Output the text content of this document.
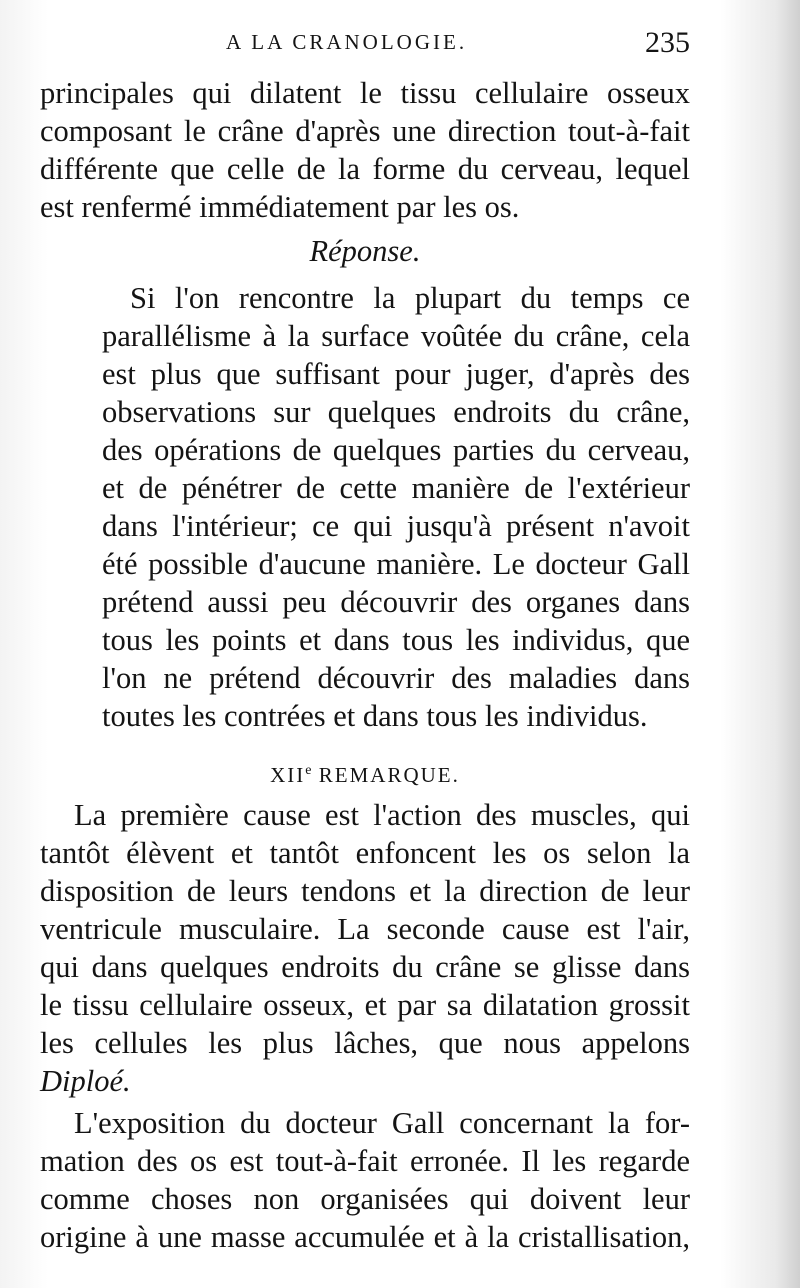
A LA CRANOLOGIE.	235
principales qui dilatent le tissu cellulaire osseux
composant le crâne d'après une direction tout-à-fait
différente que celle de la forme du cerveau, lequel
est renfermé immédiatement par les os.
Réponse.
Si l'on rencontre la plupart du temps ce
parallélisme à la surface voûtée du crâne, cela
est plus que suffisant pour juger, d'après des
observations sur quelques endroits du crâne,
des opérations de quelques parties du cerveau,
et de pénétrer de cette manière de l'extérieur
dans l'intérieur; ce qui jusqu'à présent n'avoit
été possible d'aucune manière. Le docteur Gall
prétend aussi peu découvrir des organes dans
tous les points et dans tous les individus, que
l'on ne prétend découvrir des maladies dans
toutes les contrées et dans tous les individus.
XIIe REMARQUE.
La première cause est l'action des muscles, qui
tantôt élèvent et tantôt enfoncent les os selon la
disposition de leurs tendons et la direction de leur
ventricule musculaire. La seconde cause est l'air,
qui dans quelques endroits du crâne se glisse dans
le tissu cellulaire osseux, et par sa dilatation grossit
les cellules les plus lâches, que nous appelons
Diploé.
L'exposition du docteur Gall concernant la for-
mation des os est tout-à-fait erronée. Il les regarde
comme choses non organisées qui doivent leur
origine à une masse accumulée et à la cristallisation,
